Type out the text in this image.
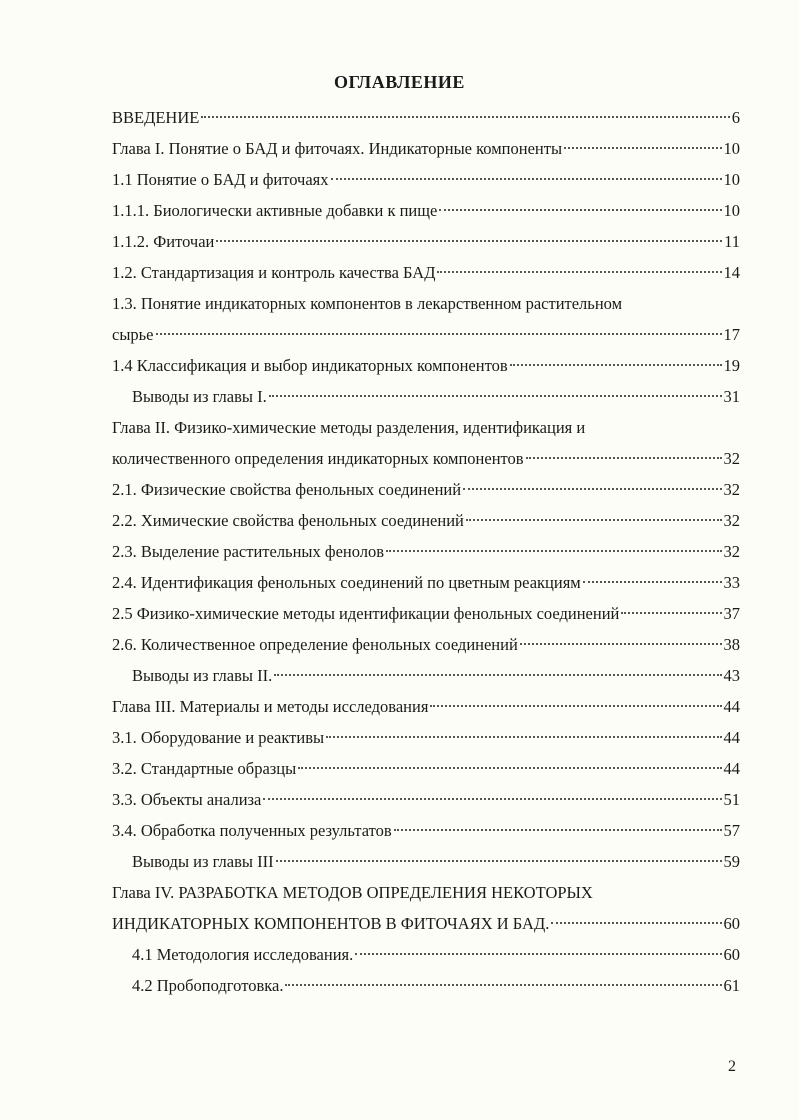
ОГЛАВЛЕНИЕ
ВВЕДЕНИЕ	6
Глава I. Понятие о БАД и фиточаях. Индикаторные компоненты	10
1.1 Понятие о БАД и фиточаях	10
1.1.1. Биологически активные добавки к пище	10
1.1.2. Фиточаи	11
1.2. Стандартизация и контроль качества БАД	14
1.3. Понятие индикаторных компонентов в лекарственном растительном
сырье	17
1.4 Классификация и выбор индикаторных компонентов	19
Выводы из главы I.	31
Глава II. Физико-химические методы разделения, идентификация и
количественного определения индикаторных компонентов	32
2.1. Физические свойства фенольных соединений	32
2.2. Химические свойства фенольных соединений	32
2.3. Выделение растительных фенолов	32
2.4. Идентификация фенольных соединений по цветным реакциям	33
2.5 Физико-химические методы идентификации фенольных соединений	37
2.6. Количественное определение фенольных соединений	38
Выводы из главы II.	43
Глава III. Материалы и методы исследования	44
3.1. Оборудование и реактивы	44
3.2. Стандартные образцы	44
3.3. Объекты анализа	51
3.4. Обработка полученных результатов	57
Выводы из главы III	59
Глава IV. РАЗРАБОТКА МЕТОДОВ ОПРЕДЕЛЕНИЯ НЕКОТОРЫХ
ИНДИКАТОРНЫХ КОМПОНЕНТОВ В ФИТОЧАЯХ И БАД.	60
4.1 Методология исследования.	60
4.2 Пробоподготовка.	61
2
